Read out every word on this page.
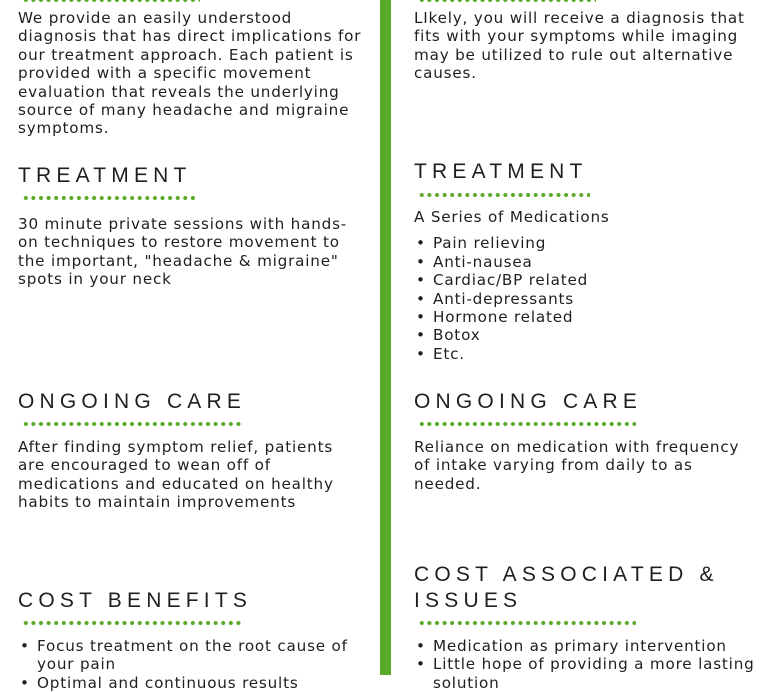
We provide an easily understood diagnosis that has direct implications for our treatment approach. Each patient is provided with a specific movement evaluation that reveals the underlying source of many headache and migraine symptoms.

TREATMENT

30 minute private sessions with hands-on techniques to restore movement to the important, "headache & migraine" spots in your neck

ONGOING CARE

After finding symptom relief, patients are encouraged to wean off of medications and educated on healthy habits to maintain improvements

COST BENEFITS
• Focus treatment on the root cause of your pain
• Optimal and continuous results

LIkely, you will receive a diagnosis that fits with your symptoms while imaging may be utilized to rule out alternative causes.

TREATMENT

A Series of Medications

• Pain relieving
• Anti-nausea
• Cardiac/BP related
• Anti-depressants
• Hormone related
• Botox
• Etc.
ONGOING CARE

Reliance on medication with frequency of intake varying from daily to as needed.

COST ASSOCIATED & ISSUES
• Medication as primary intervention
• Little hope of providing a more lasting solution
